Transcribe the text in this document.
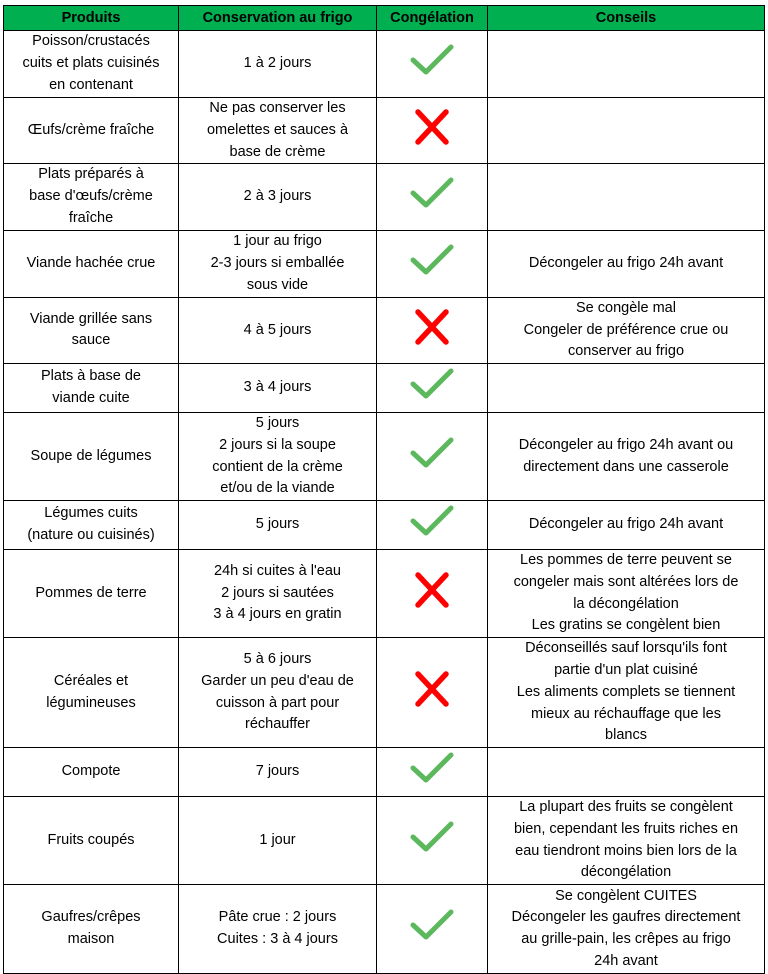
Produits	Conservation au frigo	Congélation	Conseils

Poisson/crustacés
cuits et plats cuisinés
en contenant	1 à 2 jours

Œufs/crème fraîche	Ne pas conserver les
omelettes et sauces à
base de crème

Plats préparés à
base d'œufs/crème
fraîche	2 à 3 jours

Viande hachée crue	1 jour au frigo
2-3 jours si emballée
sous vide		Décongeler au frigo 24h avant

Viande grillée sans
sauce	4 à 5 jours		Se congèle mal
Congeler de préférence crue ou
conserver au frigo

Plats à base de
viande cuite	3 à 4 jours

Soupe de légumes	5 jours
2 jours si la soupe
contient de la crème
et/ou de la viande		Décongeler au frigo 24h avant ou
directement dans une casserole

Légumes cuits
(nature ou cuisinés)	5 jours		Décongeler au frigo 24h avant

Pommes de terre	24h si cuites à l'eau
2 jours si sautées
3 à 4 jours en gratin		Les pommes de terre peuvent se
congeler mais sont altérées lors de
la décongélation
Les gratins se congèlent bien

Céréales et
légumineuses	5 à 6 jours
Garder un peu d'eau de
cuisson à part pour
réchauffer		Déconseillés sauf lorsqu'ils font
partie d'un plat cuisiné
Les aliments complets se tiennent
mieux au réchauffage que les
blancs

Compote	7 jours

Fruits coupés	1 jour		La plupart des fruits se congèlent
bien, cependant les fruits riches en
eau tiendront moins bien lors de la
décongélation

Gaufres/crêpes
maison	Pâte crue : 2 jours
Cuites : 3 à 4 jours		Se congèlent CUITES
Décongeler les gaufres directement
au grille-pain, les crêpes au frigo
24h avant
